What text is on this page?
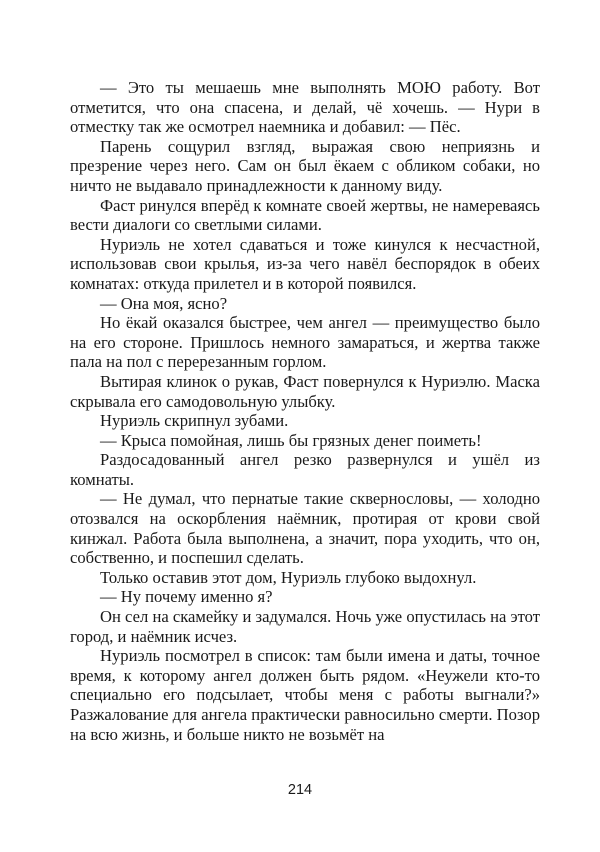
— Это ты мешаешь мне выполнять МОЮ работу. Вот отметится, что она спасена, и делай, чё хочешь. — Нури в отместку так же осмотрел наемника и добавил: — Пёс.

Парень сощурил взгляд, выражая свою неприязнь и презрение через него. Сам он был ёкаем с обликом собаки, но ничто не выдавало принадлежности к данному виду.

Фаст ринулся вперёд к комнате своей жертвы, не намереваясь вести диалоги со светлыми силами.

Нуриэль не хотел сдаваться и тоже кинулся к несчастной, использовав свои крылья, из-за чего навёл беспорядок в обеих комнатах: откуда прилетел и в которой появился.

— Она моя, ясно?

Но ёкай оказался быстрее, чем ангел — преимущество было на его стороне. Пришлось немного замараться, и жертва также пала на пол с перерезанным горлом.

Вытирая клинок о рукав, Фаст повернулся к Нуриэлю. Маска скрывала его самодовольную улыбку.

Нуриэль скрипнул зубами.

— Крыса помойная, лишь бы грязных денег поиметь!

Раздосадованный ангел резко развернулся и ушёл из комнаты.

— Не думал, что пернатые такие сквернословы, — холодно отозвался на оскорбления наёмник, протирая от крови свой кинжал. Работа была выполнена, а значит, пора уходить, что он, собственно, и поспешил сделать.

Только оставив этот дом, Нуриэль глубоко выдохнул.

— Ну почему именно я?

Он сел на скамейку и задумался. Ночь уже опустилась на этот город, и наёмник исчез.

Нуриэль посмотрел в список: там были имена и даты, точное время, к которому ангел должен быть рядом. «Неужели кто-то специально его подсылает, чтобы меня с работы выгнали?» Разжалование для ангела практически равносильно смерти. Позор на всю жизнь, и больше никто не возьмёт на

214
